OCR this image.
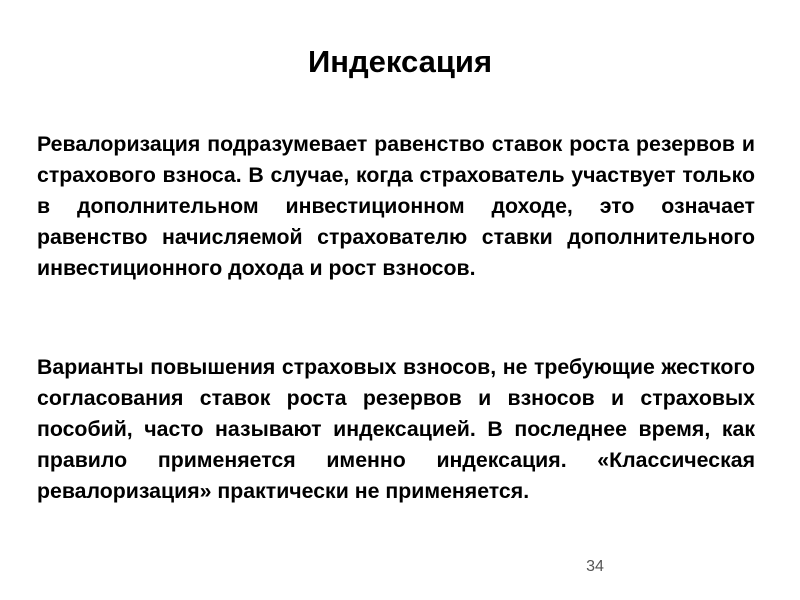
Индексация

Ревалоризация подразумевает равенство ставок роста резервов и страхового взноса. В случае, когда страхователь участвует только в дополнительном инвестиционном доходе, это означает равенство начисляемой страхователю ставки дополнительного инвестиционного дохода и рост взносов.

Варианты повышения страховых взносов, не требующие жесткого согласования ставок роста резервов и взносов и страховых пособий, часто называют индексацией. В последнее время, как правило применяется именно индексация. «Классическая ревалоризация» практически не применяется.

34
